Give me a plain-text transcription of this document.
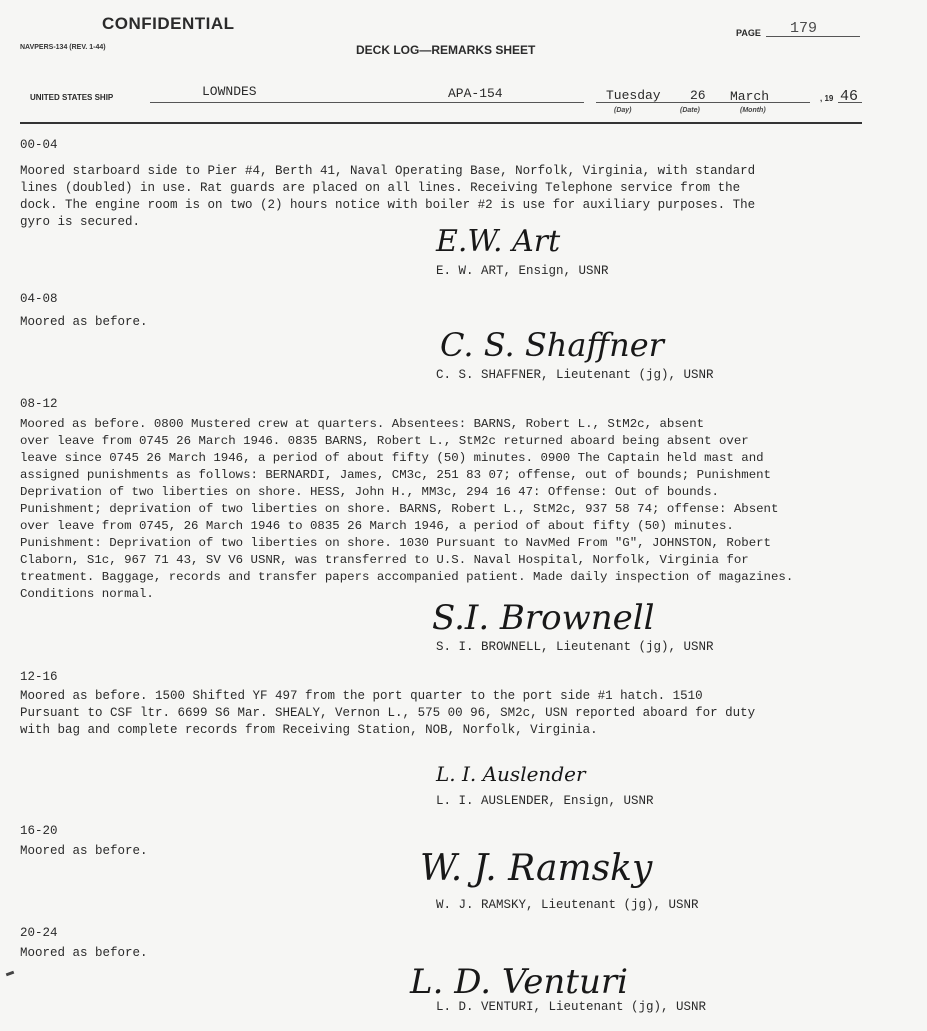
CONFIDENTIAL
NAVPERS-134 (REV. 1-44)	DECK LOG—REMARKS SHEET
PAGE 179
UNITED STATES SHIP	LOWNDES	APA-154	Tuesday 26 March	, 19 46
(Day)	(Date)	(Month)
00-04
Moored starboard side to Pier #4, Berth 41, Naval Operating Base, Norfolk, Virginia, with standard
lines (doubled) in use. Rat guards are placed on all lines. Receiving Telephone service from the
dock. The engine room is on two (2) hours notice with boiler #2 is use for auxiliary purposes. The
gyro is secured.
E.W. Art
E. W. ART, Ensign, USNR
04-08
Moored as before.
C. S. Shaffner
C. S. SHAFFNER, Lieutenant (jg), USNR
08-12
Moored as before. 0800 Mustered crew at quarters. Absentees: BARNS, Robert L., StM2c, absent
over leave from 0745 26 March 1946. 0835 BARNS, Robert L., StM2c returned aboard being absent over
leave since 0745 26 March 1946, a period of about fifty (50) minutes. 0900 The Captain held mast and
assigned punishments as follows: BERNARDI, James, CM3c, 251 83 07; offense, out of bounds; Punishment
Deprivation of two liberties on shore. HESS, John H., MM3c, 294 16 47: Offense: Out of bounds.
Punishment; deprivation of two liberties on shore. BARNS, Robert L., StM2c, 937 58 74; offense: Absent
over leave from 0745, 26 March 1946 to 0835 26 March 1946, a period of about fifty (50) minutes.
Punishment: Deprivation of two liberties on shore. 1030 Pursuant to NavMed From "G", JOHNSTON, Robert
Claborn, S1c, 967 71 43, SV V6 USNR, was transferred to U.S. Naval Hospital, Norfolk, Virginia for
treatment. Baggage, records and transfer papers accompanied patient. Made daily inspection of magazines.
Conditions normal.
S.I. Brownell
S. I. BROWNELL, Lieutenant (jg), USNR
12-16
Moored as before. 1500 Shifted YF 497 from the port quarter to the port side #1 hatch. 1510
Pursuant to CSF ltr. 6699 S6 Mar. SHEALY, Vernon L., 575 00 96, SM2c, USN reported aboard for duty
with bag and complete records from Receiving Station, NOB, Norfolk, Virginia.
L. I. Auslender
L. I. AUSLENDER, Ensign, USNR
16-20
Moored as before.	W. J. Ramsky
W. J. RAMSKY, Lieutenant (jg), USNR
20-24
Moored as before.
L. D. Venturi
L. D. VENTURI, Lieutenant (jg), USNR
